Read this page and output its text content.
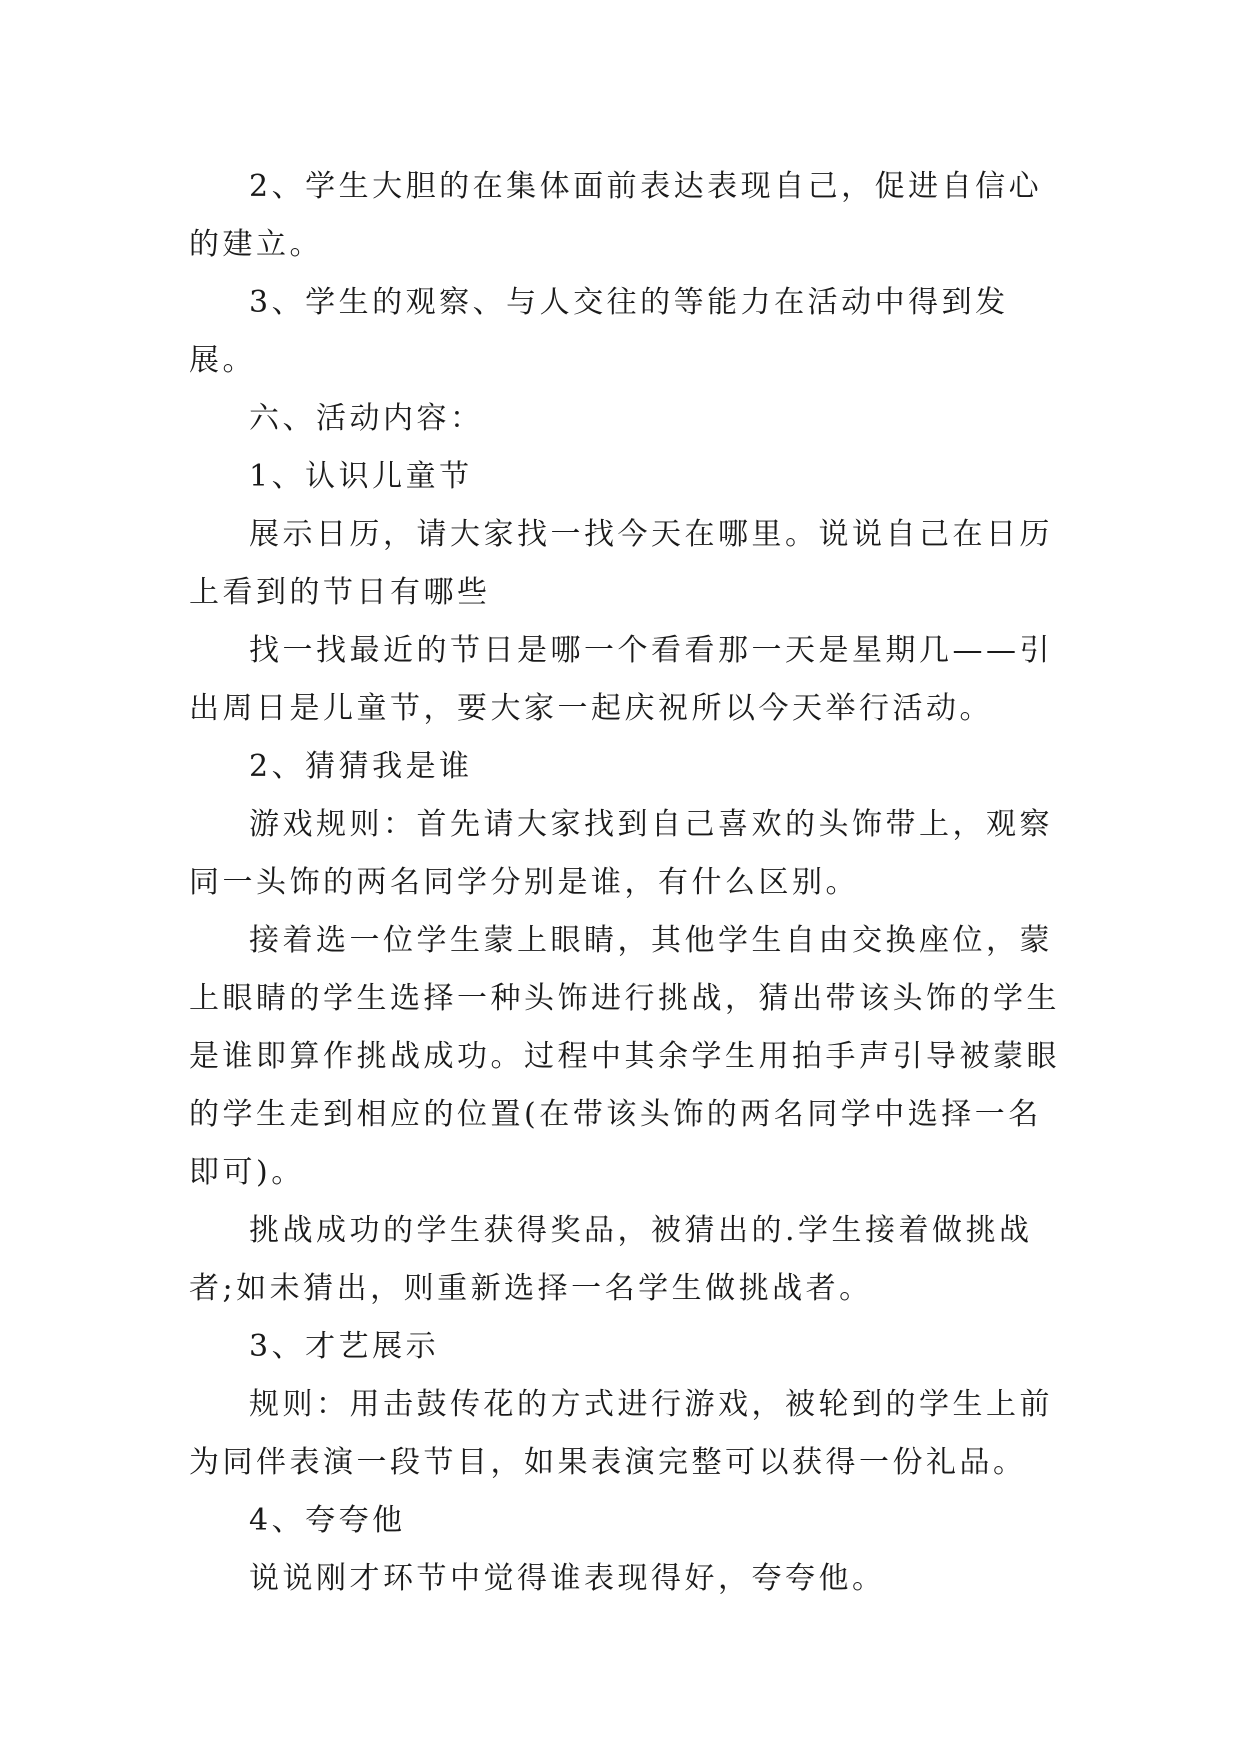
2、学生大胆的在集体面前表达表现自己，促进自信心的建立。

3、学生的观察、与人交往的等能力在活动中得到发展。

六、活动内容：

1、认识儿童节

展示日历，请大家找一找今天在哪里。说说自己在日历上看到的节日有哪些

找一找最近的节日是哪一个看看那一天是星期几——引出周日是儿童节，要大家一起庆祝所以今天举行活动。

2、猜猜我是谁

游戏规则：首先请大家找到自己喜欢的头饰带上，观察同一头饰的两名同学分别是谁，有什么区别。

接着选一位学生蒙上眼睛，其他学生自由交换座位，蒙上眼睛的学生选择一种头饰进行挑战，猜出带该头饰的学生是谁即算作挑战成功。过程中其余学生用拍手声引导被蒙眼的学生走到相应的位置(在带该头饰的两名同学中选择一名即可)。

挑战成功的学生获得奖品，被猜出的.学生接着做挑战者;如未猜出，则重新选择一名学生做挑战者。

3、才艺展示

规则：用击鼓传花的方式进行游戏，被轮到的学生上前为同伴表演一段节目，如果表演完整可以获得一份礼品。

4、夸夸他

说说刚才环节中觉得谁表现得好，夸夸他。
